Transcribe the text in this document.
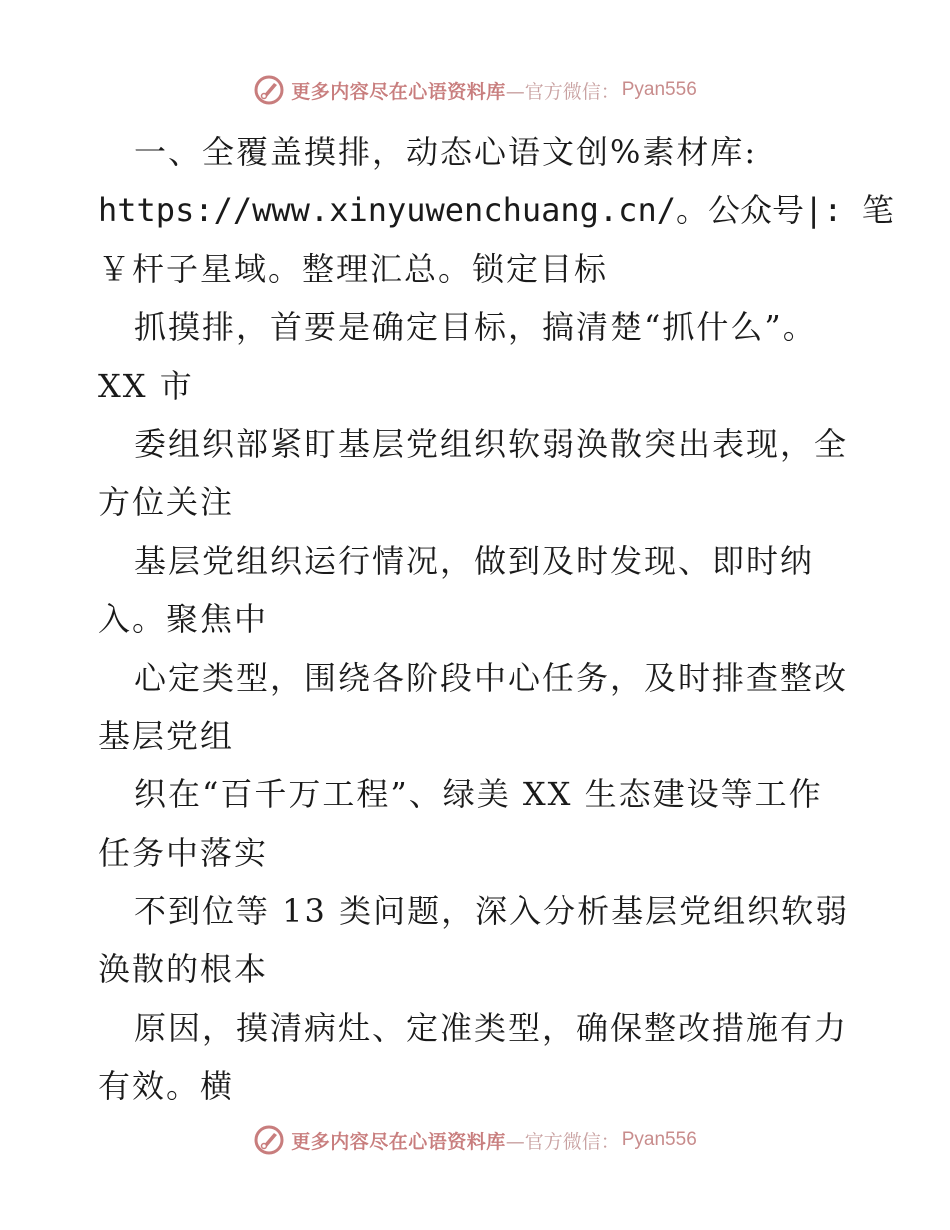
更多内容尽在心语资料库 —官方微信： Pyan556
一、全覆盖摸排，动态心语文创%素材库:
https://www.xinyuwenchuang.cn/。公众号|: 笔
￥杆子星域。整理汇总。锁定目标
抓摸排，首要是确定目标，搞清楚“抓什么”。
XX 市
委组织部紧盯基层党组织软弱涣散突出表现，全
方位关注
基层党组织运行情况，做到及时发现、即时纳
入。聚焦中
心定类型，围绕各阶段中心任务，及时排查整改
基层党组
织在“百千万工程”、绿美 XX 生态建设等工作
任务中落实
不到位等 13 类问题，深入分析基层党组织软弱
涣散的根本
原因，摸清病灶、定准类型，确保整改措施有力
有效。横
更多内容尽在心语资料库 —官方微信： Pyan556
